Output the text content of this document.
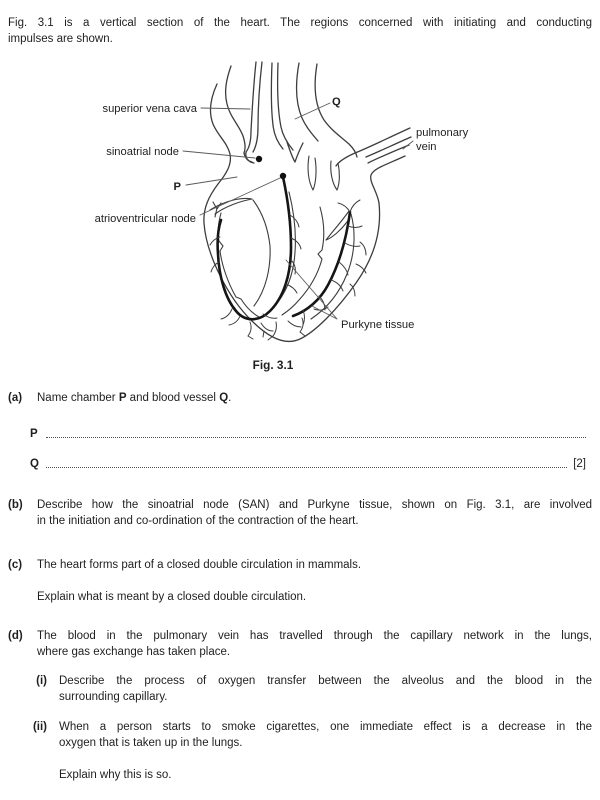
Fig. 3.1 is a vertical section of the heart. The regions concerned with initiating and conducting
impulses are shown.
superior vena cava
sinoatrial node
P
atrioventricular node
Q
pulmonary
vein
Purkyne tissue
Fig. 3.1
(a)	Name chamber P and blood vessel Q.
P
Q	[2]
(b)	Describe how the sinoatrial node (SAN) and Purkyne tissue, shown on Fig. 3.1, are involved
in the initiation and co-ordination of the contraction of the heart.
(c)	The heart forms part of a closed double circulation in mammals.
Explain what is meant by a closed double circulation.
(d)	The blood in the pulmonary vein has travelled through the capillary network in the lungs,
where gas exchange has taken place.
(i) Describe the process of oxygen transfer between the alveolus and the blood in the
surrounding capillary.
(ii) When a person starts to smoke cigarettes, one immediate effect is a decrease in the
oxygen that is taken up in the lungs.
Explain why this is so.
